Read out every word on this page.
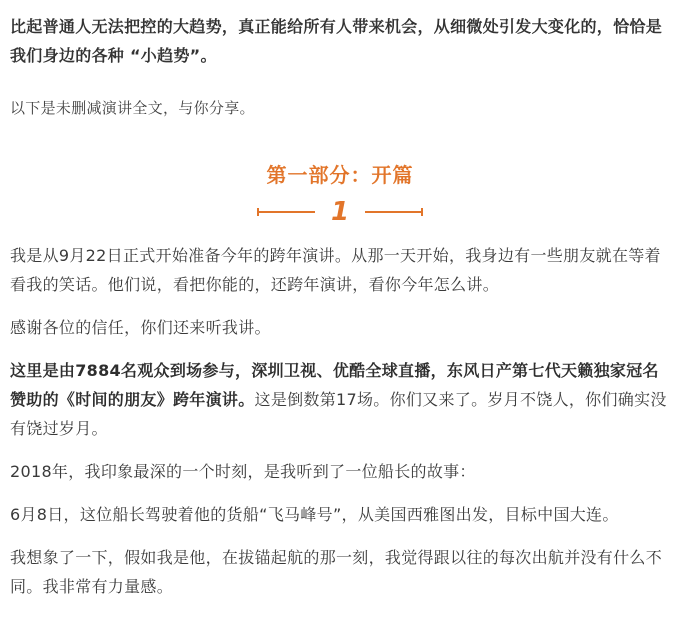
比起普通人无法把控的大趋势，真正能给所有人带来机会，从细微处引发大变化的，恰恰是我们身边的各种 “小趋势”。

以下是未删减演讲全文，与你分享。

第一部分：开篇
1

我是从9月22日正式开始准备今年的跨年演讲。从那一天开始，我身边有一些朋友就在等着看我的笑话。他们说，看把你能的，还跨年演讲，看你今年怎么讲。

感谢各位的信任，你们还来听我讲。

这里是由7884名观众到场参与，深圳卫视、优酷全球直播，东风日产第七代天籁独家冠名赞助的《时间的朋友》跨年演讲。这是倒数第17场。你们又来了。岁月不饶人，你们确实没有饶过岁月。

2018年，我印象最深的一个时刻，是我听到了一位船长的故事：

6月8日，这位船长驾驶着他的货船“飞马峰号”，从美国西雅图出发，目标中国大连。

我想象了一下，假如我是他，在拔锚起航的那一刻，我觉得跟以往的每次出航并没有什么不同。我非常有力量感。
